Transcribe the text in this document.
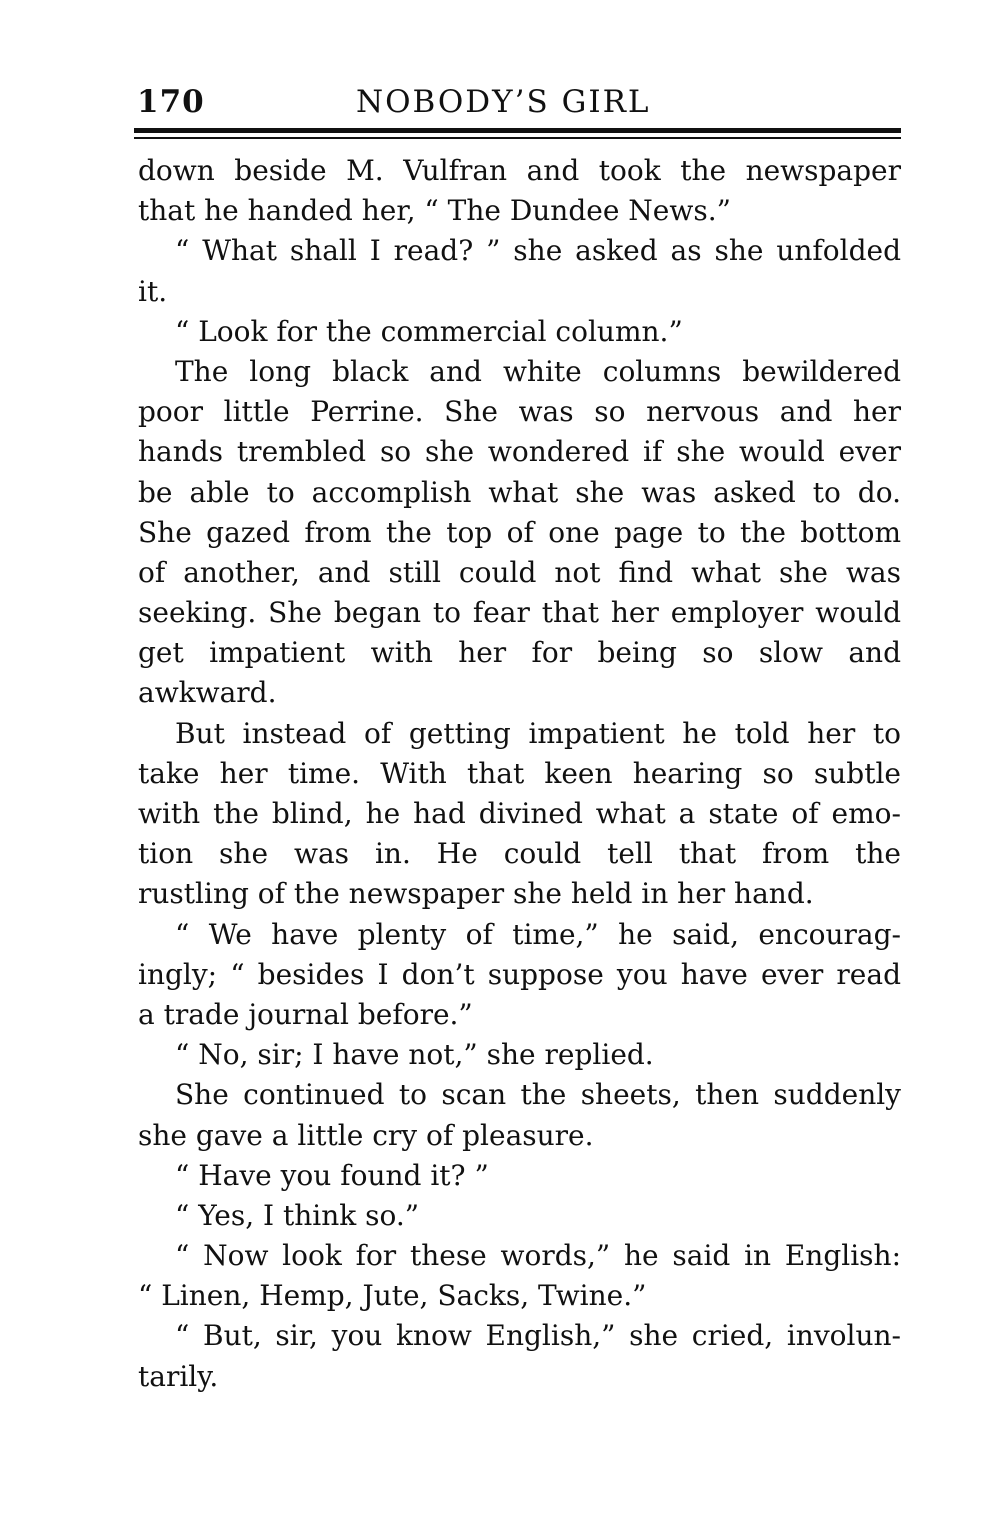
170	NOBODY’S GIRL
down beside M. Vulfran and took the newspaper
that he handed her, “ The Dundee News.”
“ What shall I read? ” she asked as she unfolded
it.
“ Look for the commercial column.”
The long black and white columns bewildered
poor little Perrine. She was so nervous and her
hands trembled so she wondered if she would ever
be able to accomplish what she was asked to do.
She gazed from the top of one page to the bottom
of another, and still could not find what she was
seeking. She began to fear that her employer would
get impatient with her for being so slow and
awkward.
But instead of getting impatient he told her to
take her time. With that keen hearing so subtle
with the blind, he had divined what a state of emo-
tion she was in. He could tell that from the
rustling of the newspaper she held in her hand.
“ We have plenty of time,” he said, encourag-
ingly; “ besides I don’t suppose you have ever read
a trade journal before.”
“ No, sir; I have not,” she replied.
She continued to scan the sheets, then suddenly
she gave a little cry of pleasure.
“ Have you found it? ”
“ Yes, I think so.”
“ Now look for these words,” he said in English:
“ Linen, Hemp, Jute, Sacks, Twine.”
“ But, sir, you know English,” she cried, involun-
tarily.
